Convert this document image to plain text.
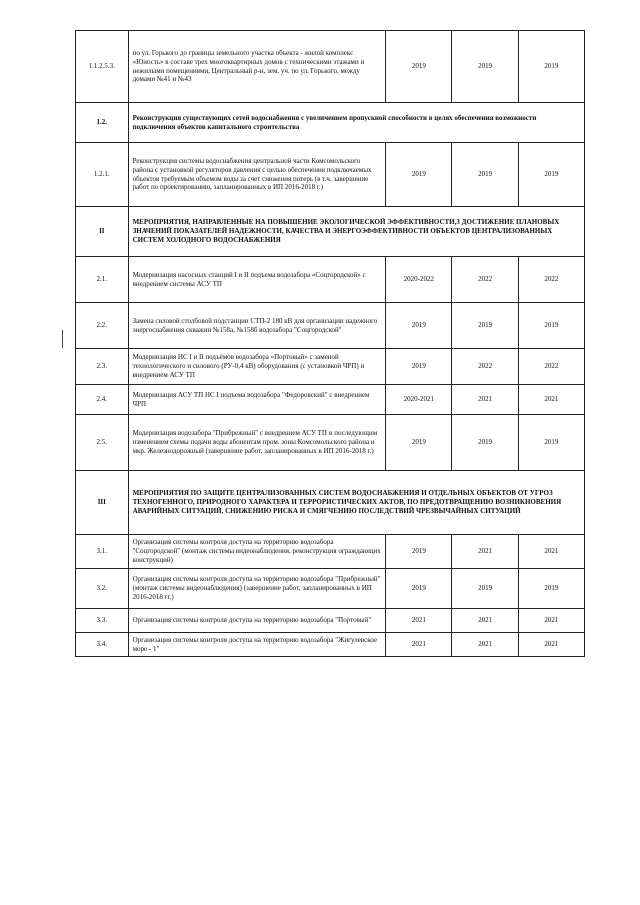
1.1.2.5.3.	по ул. Горького до границы земельного участка объекта - жилой комплекс «Юность» в составе трех многоквартирных домов с техническими этажами и нежилыми помещениями, Центральный р-н, зем. уч. по ул. Горького, между домами №41 и №43	2019	2019	2019
1.2.	Реконструкция существующих сетей водоснабжения с увеличением пропускной способности в целях обеспечения возможности подключения объектов капитального строительства			
1.2.1.	Реконструкция системы водоснабжения центральной части Комсомольского района с установкой регуляторов давления с целью обеспечения подключаемых объектов требуемым объемом воды за счет снижения потерь (в т.ч. завершение работ по проектированию, запланированных в ИП 2016-2018 г.)	2019	2019	2019
II	МЕРОПРИЯТИЯ, НАПРАВЛЕННЫЕ НА ПОВЫШЕНИЕ ЭКОЛОГИЧЕСКОЙ ЭФФЕКТИВНОСТИ,3 ДОСТИЖЕНИЕ ПЛАНОВЫХ ЗНАЧЕНИЙ ПОКАЗАТЕЛЕЙ НАДЕЖНОСТИ, КАЧЕСТВА И ЭНЕРГОЭФФЕКТИВНОСТИ ОБЪЕКТОВ ЦЕНТРАЛИЗОВАННЫХ СИСТЕМ ХОЛОДНОГО ВОДОСНАБЖЕНИЯ			
2.1.	Модернизация насосных станций I и II подъема водозабора «Соцгородской» с внедрением системы АСУ ТП	2020-2022	2022	2022
2.2.	Замена силовой столбовой подстанции СТП-2 180 кВ для организации надежного энергоснабжения скважин №158а, №158б водозабора "Соцгородской"	2019	2019	2019
2.3.	Модернизация НС I и II подъёмов водозабора «Портовый» с заменой технологического и силового (РУ-0,4 кВ) оборудования (с установкой ЧРП) и внедрением АСУ ТП	2019	2022	2022
2.4.	Модернизация АСУ ТП НС I подъема водозабора "Федоровский" с внедрением ЧРП	2020-2021	2021	2021
2.5.	Модернизация водозабора "Прибрежный" с внедрением АСУ ТП и последующим изменением схемы подачи воды абонентам пром. зоны Комсомольского района и мкр. Железнодорожный (завершение работ, запланированных в ИП 2016-2018 г.)	2019	2019	2019
III	МЕРОПРИЯТИЯ ПО ЗАЩИТЕ ЦЕНТРАЛИЗОВАННЫХ СИСТЕМ ВОДОСНАБЖЕНИЯ И ОТДЕЛЬНЫХ ОБЪЕКТОВ ОТ УГРОЗ ТЕХНОГЕННОГО, ПРИРОДНОГО ХАРАКТЕРА И ТЕРРОРИСТИЧЕСКИХ АКТОВ, ПО ПРЕДОТВРАЩЕНИЮ ВОЗНИКНОВЕНИЯ АВАРИЙНЫХ СИТУАЦИЙ, СНИЖЕНИЮ РИСКА И СМЯГЧЕНИЮ ПОСЛЕДСТВИЙ ЧРЕЗВЫЧАЙНЫХ СИТУАЦИЙ			
3.1.	Организация системы контроля доступа на территорию водозабора "Соцгородской" (монтаж системы видеонаблюдения, реконструкция ограждающих конструкций)	2019	2021	2021
3.2.	Организация системы контроля доступа на территорию водозабора "Прибрежный" (монтаж системы видеонаблюдения) (завершение работ, запланированных в ИП 2016-2018 гг.)	2019	2019	2019
3.3.	Организация системы контроля доступа на территорию водозабора "Портовый"	2021	2021	2021
3.4.	Организация системы контроля доступа на территорию водозабора "Жигулевское море - 1"	2021	2021	2021
